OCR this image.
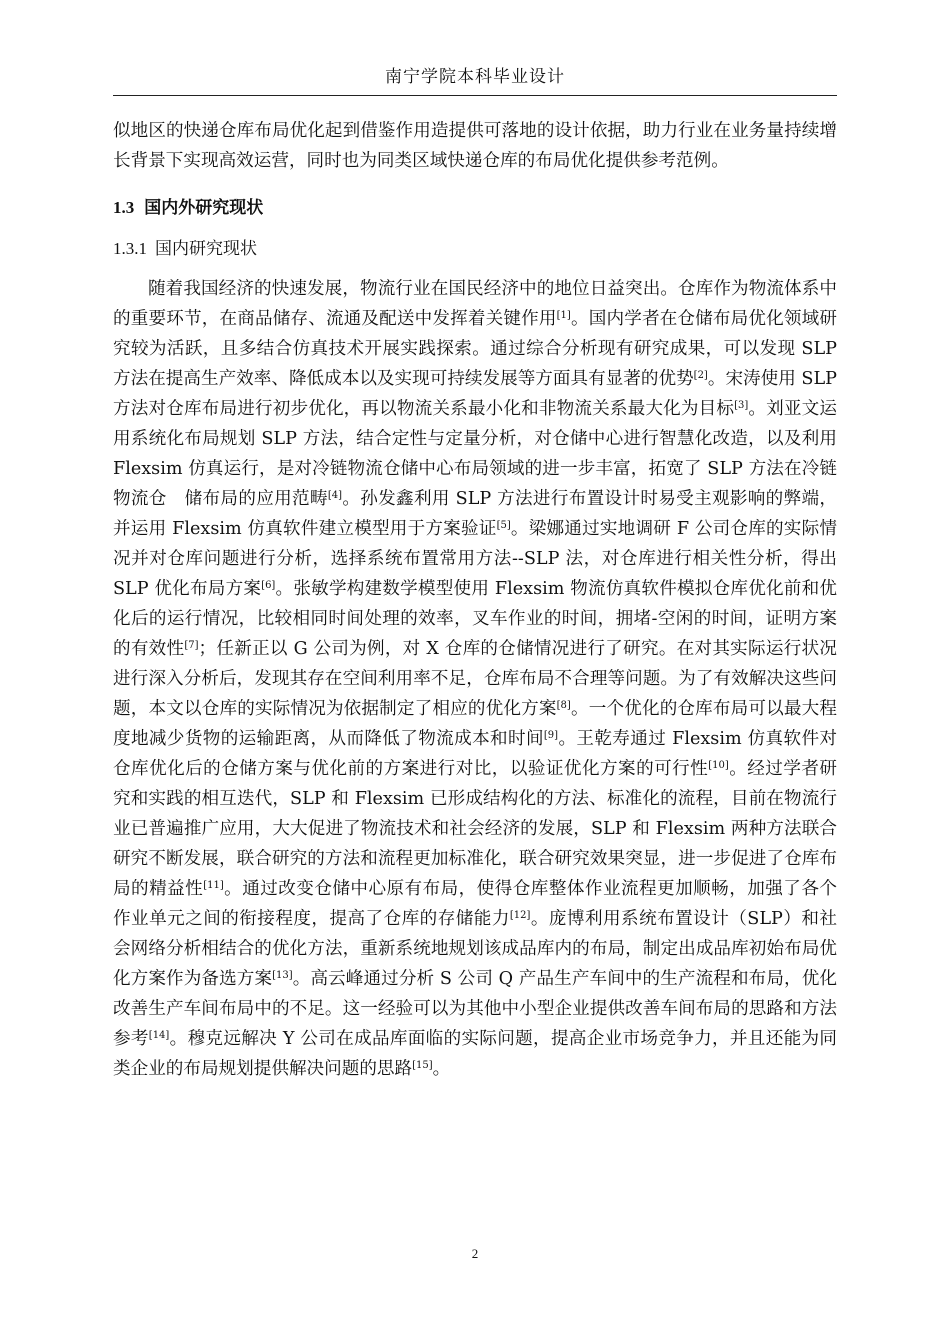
南宁学院本科毕业设计

似地区的快递仓库布局优化起到借鉴作用造提供可落地的设计依据，助力行业在业务量持续增长背景下实现高效运营，同时也为同类区域快递仓库的布局优化提供参考范例。

1.3 国内外研究现状
1.3.1 国内研究现状

随着我国经济的快速发展，物流行业在国民经济中的地位日益突出。仓库作为物流体系中的重要环节，在商品储存、流通及配送中发挥着关键作用[1]。国内学者在仓储布局优化领域研究较为活跃，且多结合仿真技术开展实践探索。通过综合分析现有研究成果，可以发现 SLP 方法在提高生产效率、降低成本以及实现可持续发展等方面具有显著的优势[2]。宋涛使用 SLP 方法对仓库布局进行初步优化，再以物流关系最小化和非物流关系最大化为目标[3]。刘亚文运用系统化布局规划 SLP 方法，结合定性与定量分析，对仓储中心进行智慧化改造，以及利用 Flexsim 仿真运行，是对冷链物流仓储中心布局领域的进一步丰富，拓宽了 SLP 方法在冷链物流仓　储布局的应用范畴[4]。孙发鑫利用 SLP 方法进行布置设计时易受主观影响的弊端，并运用 Flexsim 仿真软件建立模型用于方案验证[5]。梁娜通过实地调研 F 公司仓库的实际情况并对仓库问题进行分析，选择系统布置常用方法--SLP 法，对仓库进行相关性分析，得出 SLP 优化布局方案[6]。张敏学构建数学模型使用 Flexsim 物流仿真软件模拟仓库优化前和优化后的运行情况，比较相同时间处理的效率，叉车作业的时间，拥堵-空闲的时间，证明方案的有效性[7]；任新正以 G 公司为例，对 X 仓库的仓储情况进行了研究。在对其实际运行状况进行深入分析后，发现其存在空间利用率不足，仓库布局不合理等问题。为了有效解决这些问题，本文以仓库的实际情况为依据制定了相应的优化方案[8]。一个优化的仓库布局可以最大程度地减少货物的运输距离，从而降低了物流成本和时间[9]。王乾寿通过 Flexsim 仿真软件对仓库优化后的仓储方案与优化前的方案进行对比，以验证优化方案的可行性[10]。经过学者研究和实践的相互迭代，SLP 和 Flexsim 已形成结构化的方法、标准化的流程，目前在物流行业已普遍推广应用，大大促进了物流技术和社会经济的发展，SLP 和 Flexsim 两种方法联合研究不断发展，联合研究的方法和流程更加标准化，联合研究效果突显，进一步促进了仓库布局的精益性[11]。通过改变仓储中心原有布局，使得仓库整体作业流程更加顺畅，加强了各个作业单元之间的衔接程度，提高了仓库的存储能力[12]。庞博利用系统布置设计（SLP）和社会网络分析相结合的优化方法，重新系统地规划该成品库内的布局，制定出成品库初始布局优化方案作为备选方案[13]。高云峰通过分析 S 公司 Q 产品生产车间中的生产流程和布局，优化改善生产车间布局中的不足。这一经验可以为其他中小型企业提供改善车间布局的思路和方法参考[14]。穆克远解决 Y 公司在成品库面临的实际问题，提高企业市场竞争力，并且还能为同类企业的布局规划提供解决问题的思路[15]。

2
